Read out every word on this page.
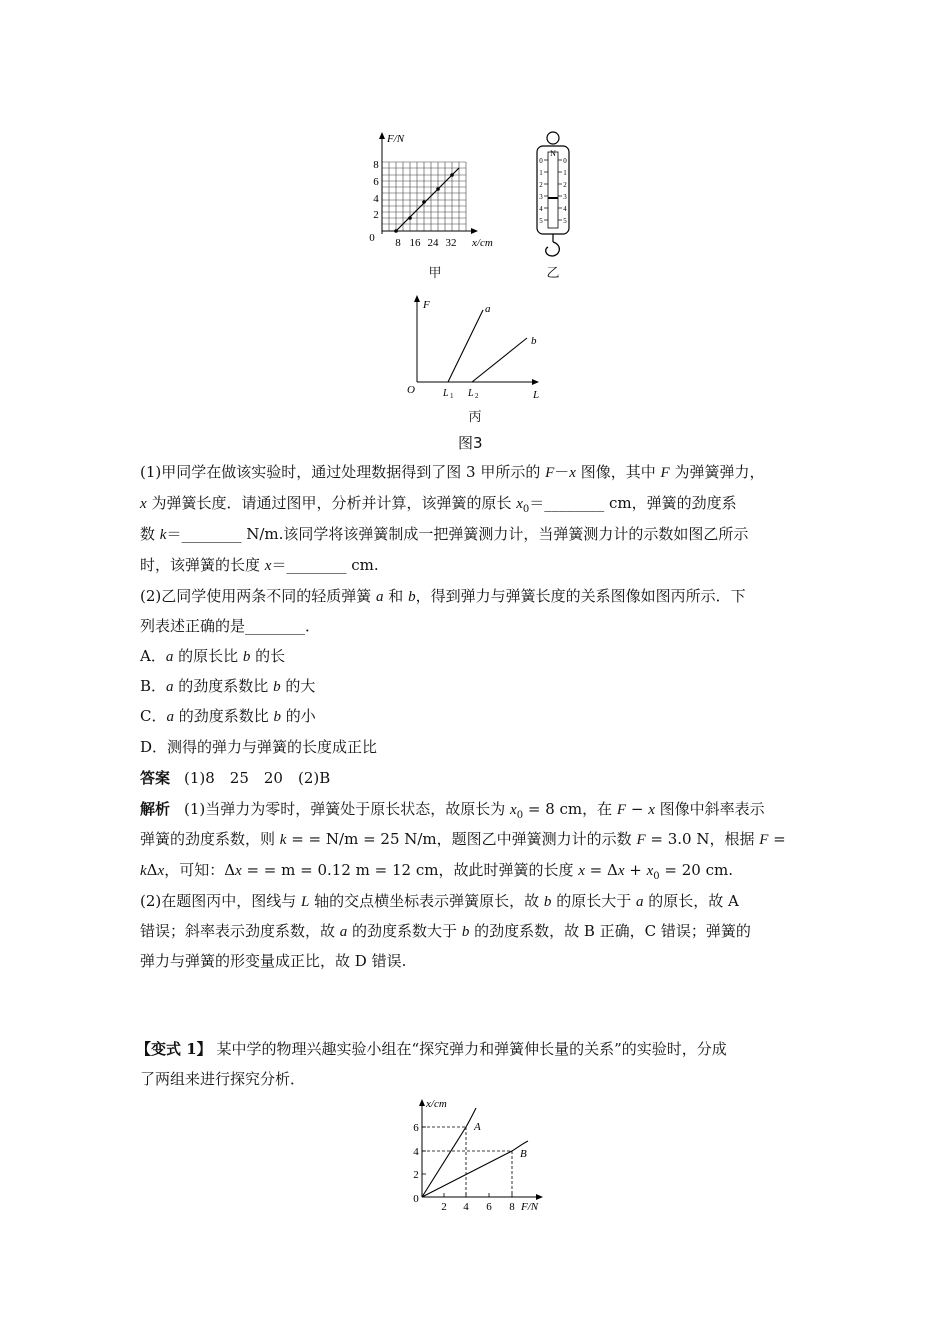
F/N
0
2
4
6
8
8 16 24 32 x/cm
甲
N
0
1
2
3
4
5
0
1
2
3
4
5
乙
F	a
b
O	L 1 L 2	L
丙
图3
(1)甲同学在做该实验时，通过处理数据得到了图 3 甲所示的 F－x 图像，其中 F 为弹簧弹力，
x 为弹簧长度．请通过图甲，分析并计算，该弹簧的原长 $x_0=\_\_\_\_\_\_\_\_$ cm，弹簧的劲度系
数 k＝________ N/m.该同学将该弹簧制成一把弹簧测力计，当弹簧测力计的示数如图乙所示
时，该弹簧的长度 x＝________ cm.
(2)乙同学使用两条不同的轻质弹簧 a 和 b，得到弹力与弹簧长度的关系图像如图丙所示．下
列表述正确的是________．
A．a 的原长比 b 的长
B．a 的劲度系数比 b 的大
C．a 的劲度系数比 b 的小
D．测得的弹力与弹簧的长度成正比
答案 (1)8　25　20　(2)B
解析 (1)当弹力为零时，弹簧处于原长状态，故原长为 $x_0 = 8$ cm，在 F − x 图像中斜率表示
弹簧的劲度系数，则 k = = N/m = 25 N/m，题图乙中弹簧测力计的示数 F = 3.0 N，根据 F =
kΔx，可知：Δx = = m = 0.12 m = 12 cm，故此时弹簧的长度 $x = \Delta x + x_0 = 20$ cm.
(2)在题图丙中，图线与 L 轴的交点横坐标表示弹簧原长，故 b 的原长大于 a 的原长，故 A
错误；斜率表示劲度系数，故 a 的劲度系数大于 b 的劲度系数，故 B 正确，C 错误；弹簧的
弹力与弹簧的形变量成正比，故 D 错误.
【变式 1】 某中学的物理兴趣实验小组在“探究弹力和弹簧伸长量的关系”的实验时，分成
了两组来进行探究分析．
x/cm
0
2
4
6
2 4 6 8 F/N
A
B
